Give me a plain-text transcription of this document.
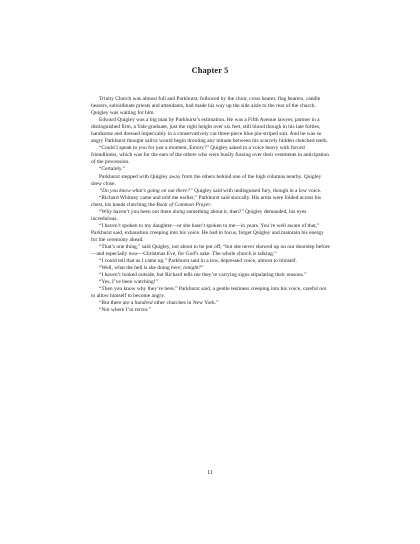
Chapter 5

Trinity Church was almost full and Parkhurst, followed by the choir, cross bearer, flag bearers, candle bearers, subordinate priests and attendants, had made his way up the side aisle to the rear of the church. Quigley was waiting for him.

Edward Quigley was a big man by Parkhurst’s estimation. He was a Fifth Avenue lawyer, partner in a distinguished firm, a Yale graduate, just the right height over six feet, still blond though in his late forties, handsome and dressed impeccably in a conservatively cut three-piece blue pin-striped suit. And he was so angry Parkhurst thought saliva would begin drooling any minute between his scarcely hidden clenched teeth.

“Could I speak to you for just a moment, Emory?” Quigley asked in a voice heavy with forced friendliness, which was for the ears of the others who were busily fussing over their vestments in anticipation of the procession.

“Certainly.”

Parkhurst stepped with Quigley away from the others behind one of the high columns nearby. Quigley drew close.

“Do you know what’s going on out there?” Quigley said with undisguised fury, though in a low voice.

“Richard Whitney came and told me earlier,” Parkhurst said stoically. His arms were folded across his chest, his hands clutching the Book of Common Prayer.

“Why haven’t you been out there doing something about it, then?” Quigley demanded, his eyes incredulous.

“I haven’t spoken to my daughter—or she hasn’t spoken to me—in years. You’re well aware of that,” Parkhurst said, exhaustion creeping into his voice. He had to focus, forget Quigley and maintain his energy for the ceremony ahead.

“That’s one thing,” said Quigley, not about to be put off, “but she never showed up on our doorstep before—and especially now—Christmas Eve, for God’s sake. The whole church is talking.”

“I could tell that as I came up,” Parkhurst said in a low, depressed voice, almost to himself.

“Well, what the hell is she doing here, tonight?”

“I haven’t looked outside, but Richard tells me they’re carrying signs stipulating their reasons.”

“Yes, I’ve been watching!”

“Then you know why they’re here,” Parkhurst said, a gentle testiness creeping into his voice, careful not to allow himself to become angry.

“But there are a hundred other churches in New York.”

“Not where I’m rector.”

11
